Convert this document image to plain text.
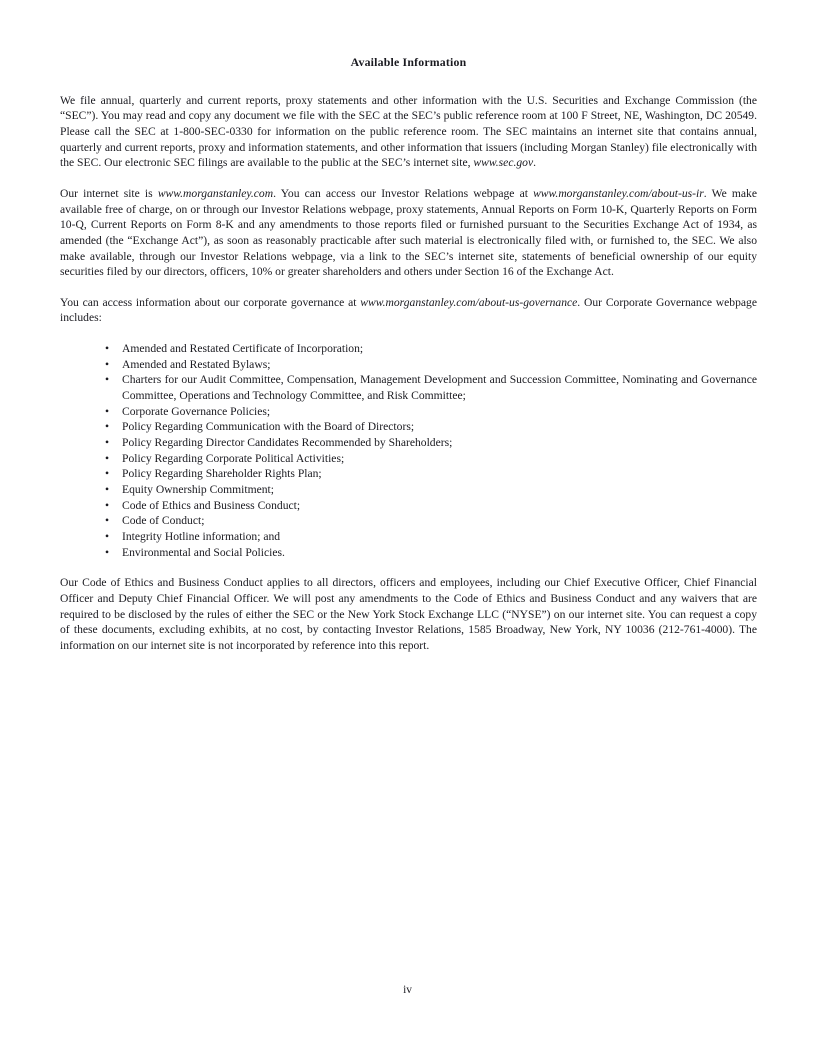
Available Information

We file annual, quarterly and current reports, proxy statements and other information with the U.S. Securities and Exchange Commission (the “SEC”). You may read and copy any document we file with the SEC at the SEC’s public reference room at 100 F Street, NE, Washington, DC 20549. Please call the SEC at 1-800-SEC-0330 for information on the public reference room. The SEC maintains an internet site that contains annual, quarterly and current reports, proxy and information statements, and other information that issuers (including Morgan Stanley) file electronically with the SEC. Our electronic SEC filings are available to the public at the SEC’s internet site, www.sec.gov.

Our internet site is www.morganstanley.com. You can access our Investor Relations webpage at www.morganstanley.com/about-us-ir. We make available free of charge, on or through our Investor Relations webpage, proxy statements, Annual Reports on Form 10-K, Quarterly Reports on Form 10-Q, Current Reports on Form 8-K and any amendments to those reports filed or furnished pursuant to the Securities Exchange Act of 1934, as amended (the “Exchange Act”), as soon as reasonably practicable after such material is electronically filed with, or furnished to, the SEC. We also make available, through our Investor Relations webpage, via a link to the SEC’s internet site, statements of beneficial ownership of our equity securities filed by our directors, officers, 10% or greater shareholders and others under Section 16 of the Exchange Act.

You can access information about our corporate governance at www.morganstanley.com/about-us-governance. Our Corporate Governance webpage includes:

• Amended and Restated Certificate of Incorporation;
• Amended and Restated Bylaws;
• Charters for our Audit Committee, Compensation, Management Development and Succession Committee, Nominating and Governance Committee, Operations and Technology Committee, and Risk Committee;
• Corporate Governance Policies;
• Policy Regarding Communication with the Board of Directors;
• Policy Regarding Director Candidates Recommended by Shareholders;
• Policy Regarding Corporate Political Activities;
• Policy Regarding Shareholder Rights Plan;
• Equity Ownership Commitment;
• Code of Ethics and Business Conduct;
• Code of Conduct;
• Integrity Hotline information; and
• Environmental and Social Policies.

Our Code of Ethics and Business Conduct applies to all directors, officers and employees, including our Chief Executive Officer, Chief Financial Officer and Deputy Chief Financial Officer. We will post any amendments to the Code of Ethics and Business Conduct and any waivers that are required to be disclosed by the rules of either the SEC or the New York Stock Exchange LLC (“NYSE”) on our internet site. You can request a copy of these documents, excluding exhibits, at no cost, by contacting Investor Relations, 1585 Broadway, New York, NY 10036 (212-761-4000). The information on our internet site is not incorporated by reference into this report.

iv
